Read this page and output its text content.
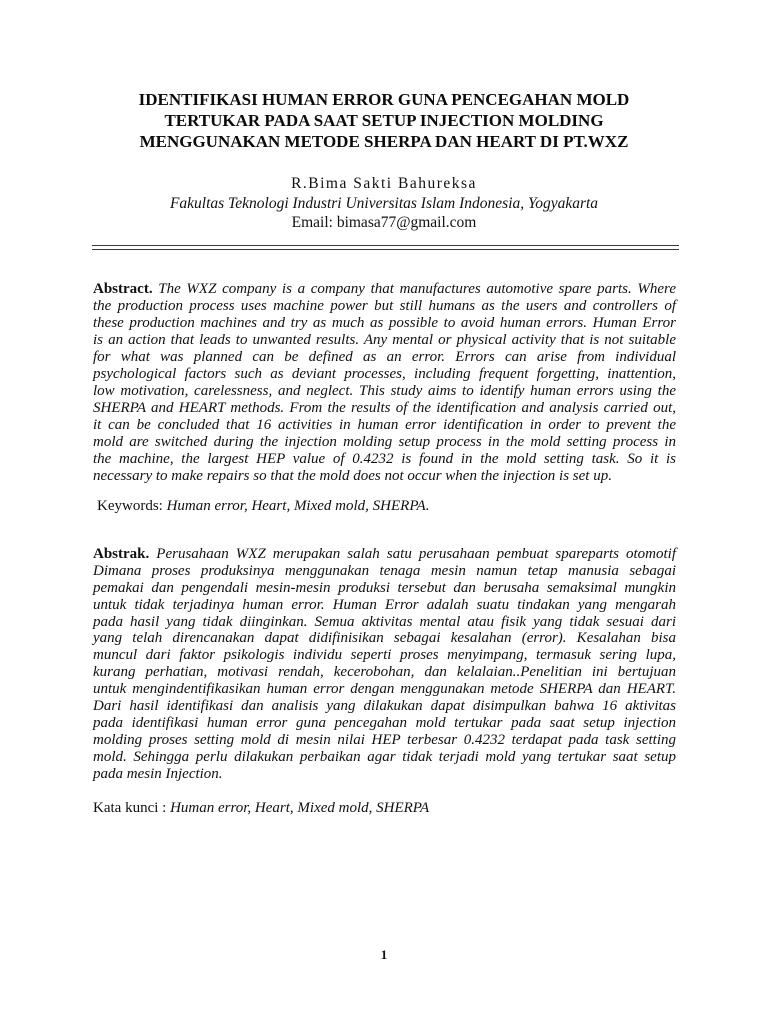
IDENTIFIKASI HUMAN ERROR GUNA PENCEGAHAN MOLD
TERTUKAR PADA SAAT SETUP INJECTION MOLDING
MENGGUNAKAN METODE SHERPA DAN HEART DI PT.WXZ
R.Bima Sakti Bahureksa
Fakultas Teknologi Industri Universitas Islam Indonesia, Yogyakarta
Email: bimasa77@gmail.com
Abstract. The WXZ company is a company that manufactures automotive spare parts. Where
the production process uses machine power but still humans as the users and controllers of
these production machines and try as much as possible to avoid human errors. Human Error
is an action that leads to unwanted results. Any mental or physical activity that is not suitable
for what was planned can be defined as an error. Errors can arise from individual
psychological factors such as deviant processes, including frequent forgetting, inattention,
low motivation, carelessness, and neglect. This study aims to identify human errors using the
SHERPA and HEART methods. From the results of the identification and analysis carried out,
it can be concluded that 16 activities in human error identification in order to prevent the
mold are switched during the injection molding setup process in the mold setting process in
the machine, the largest HEP value of 0.4232 is found in the mold setting task. So it is
necessary to make repairs so that the mold does not occur when the injection is set up.
Keywords: Human error, Heart, Mixed mold, SHERPA.
Abstrak. Perusahaan WXZ merupakan salah satu perusahaan pembuat spareparts otomotif
Dimana proses produksinya menggunakan tenaga mesin namun tetap manusia sebagai
pemakai dan pengendali mesin-mesin produksi tersebut dan berusaha semaksimal mungkin
untuk tidak terjadinya human error. Human Error adalah suatu tindakan yang mengarah
pada hasil yang tidak diinginkan. Semua aktivitas mental atau fisik yang tidak sesuai dari
yang telah direncanakan dapat didifinisikan sebagai kesalahan (error). Kesalahan bisa
muncul dari faktor psikologis individu seperti proses menyimpang, termasuk sering lupa,
kurang perhatian, motivasi rendah, kecerobohan, dan kelalaian..Penelitian ini bertujuan
untuk mengindentifikasikan human error dengan menggunakan metode SHERPA dan HEART.
Dari hasil identifikasi dan analisis yang dilakukan dapat disimpulkan bahwa 16 aktivitas
pada identifikasi human error guna pencegahan mold tertukar pada saat setup injection
molding proses setting mold di mesin nilai HEP terbesar 0.4232 terdapat pada task setting
mold. Sehingga perlu dilakukan perbaikan agar tidak terjadi mold yang tertukar saat setup
pada mesin Injection.
Kata kunci : Human error, Heart, Mixed mold, SHERPA
1
